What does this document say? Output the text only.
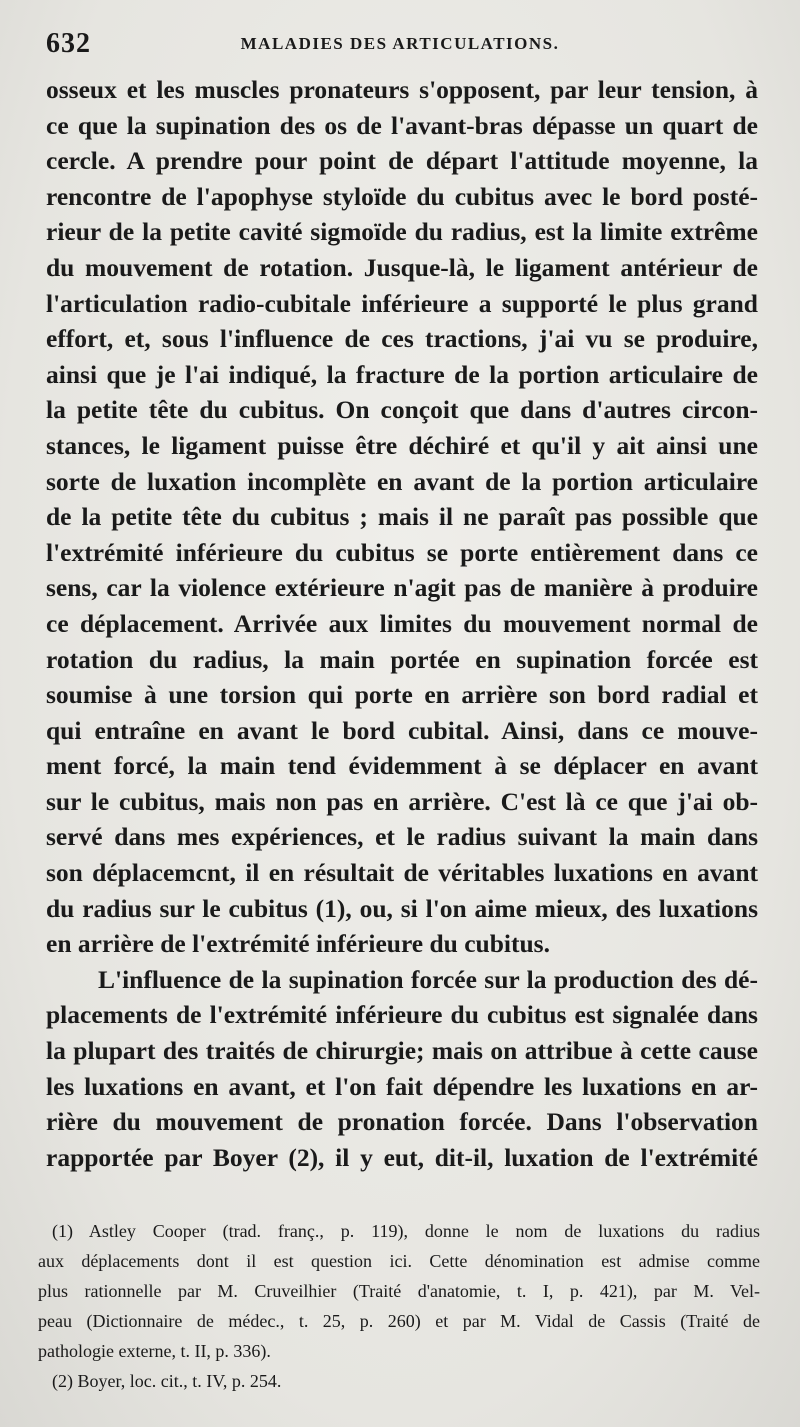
632	MALADIES DES ARTICULATIONS.
osseux et les muscles pronateurs s'opposent, par leur tension, à
ce que la supination des os de l'avant-bras dépasse un quart de
cercle. A prendre pour point de départ l'attitude moyenne, la
rencontre de l'apophyse styloïde du cubitus avec le bord posté-
rieur de la petite cavité sigmoïde du radius, est la limite extrême
du mouvement de rotation. Jusque-là, le ligament antérieur de
l'articulation radio-cubitale inférieure a supporté le plus grand
effort, et, sous l'influence de ces tractions, j'ai vu se produire,
ainsi que je l'ai indiqué, la fracture de la portion articulaire de
la petite tête du cubitus. On conçoit que dans d'autres circon-
stances, le ligament puisse être déchiré et qu'il y ait ainsi une
sorte de luxation incomplète en avant de la portion articulaire
de la petite tête du cubitus ; mais il ne paraît pas possible que
l'extrémité inférieure du cubitus se porte entièrement dans ce
sens, car la violence extérieure n'agit pas de manière à produire
ce déplacement. Arrivée aux limites du mouvement normal de
rotation du radius, la main portée en supination forcée est
soumise à une torsion qui porte en arrière son bord radial et
qui entraîne en avant le bord cubital. Ainsi, dans ce mouve-
ment forcé, la main tend évidemment à se déplacer en avant
sur le cubitus, mais non pas en arrière. C'est là ce que j'ai ob-
servé dans mes expériences, et le radius suivant la main dans
son déplacemcnt, il en résultait de véritables luxations en avant
du radius sur le cubitus (1), ou, si l'on aime mieux, des luxations
en arrière de l'extrémité inférieure du cubitus.
L'influence de la supination forcée sur la production des dé-
placements de l'extrémité inférieure du cubitus est signalée dans
la plupart des traités de chirurgie; mais on attribue à cette cause
les luxations en avant, et l'on fait dépendre les luxations en ar-
rière du mouvement de pronation forcée. Dans l'observation
rapportée par Boyer (2), il y eut, dit-il, luxation de l'extrémité
(1) Astley Cooper (trad. franç., p. 119), donne le nom de luxations du radius
aux déplacements dont il est question ici. Cette dénomination est admise comme
plus rationnelle par M. Cruveilhier (Traité d'anatomie, t. I, p. 421), par M. Vel-
peau (Dictionnaire de médec., t. 25, p. 260) et par M. Vidal de Cassis (Traité de
pathologie externe, t. II, p. 336).
(2) Boyer, loc. cit., t. IV, p. 254.
